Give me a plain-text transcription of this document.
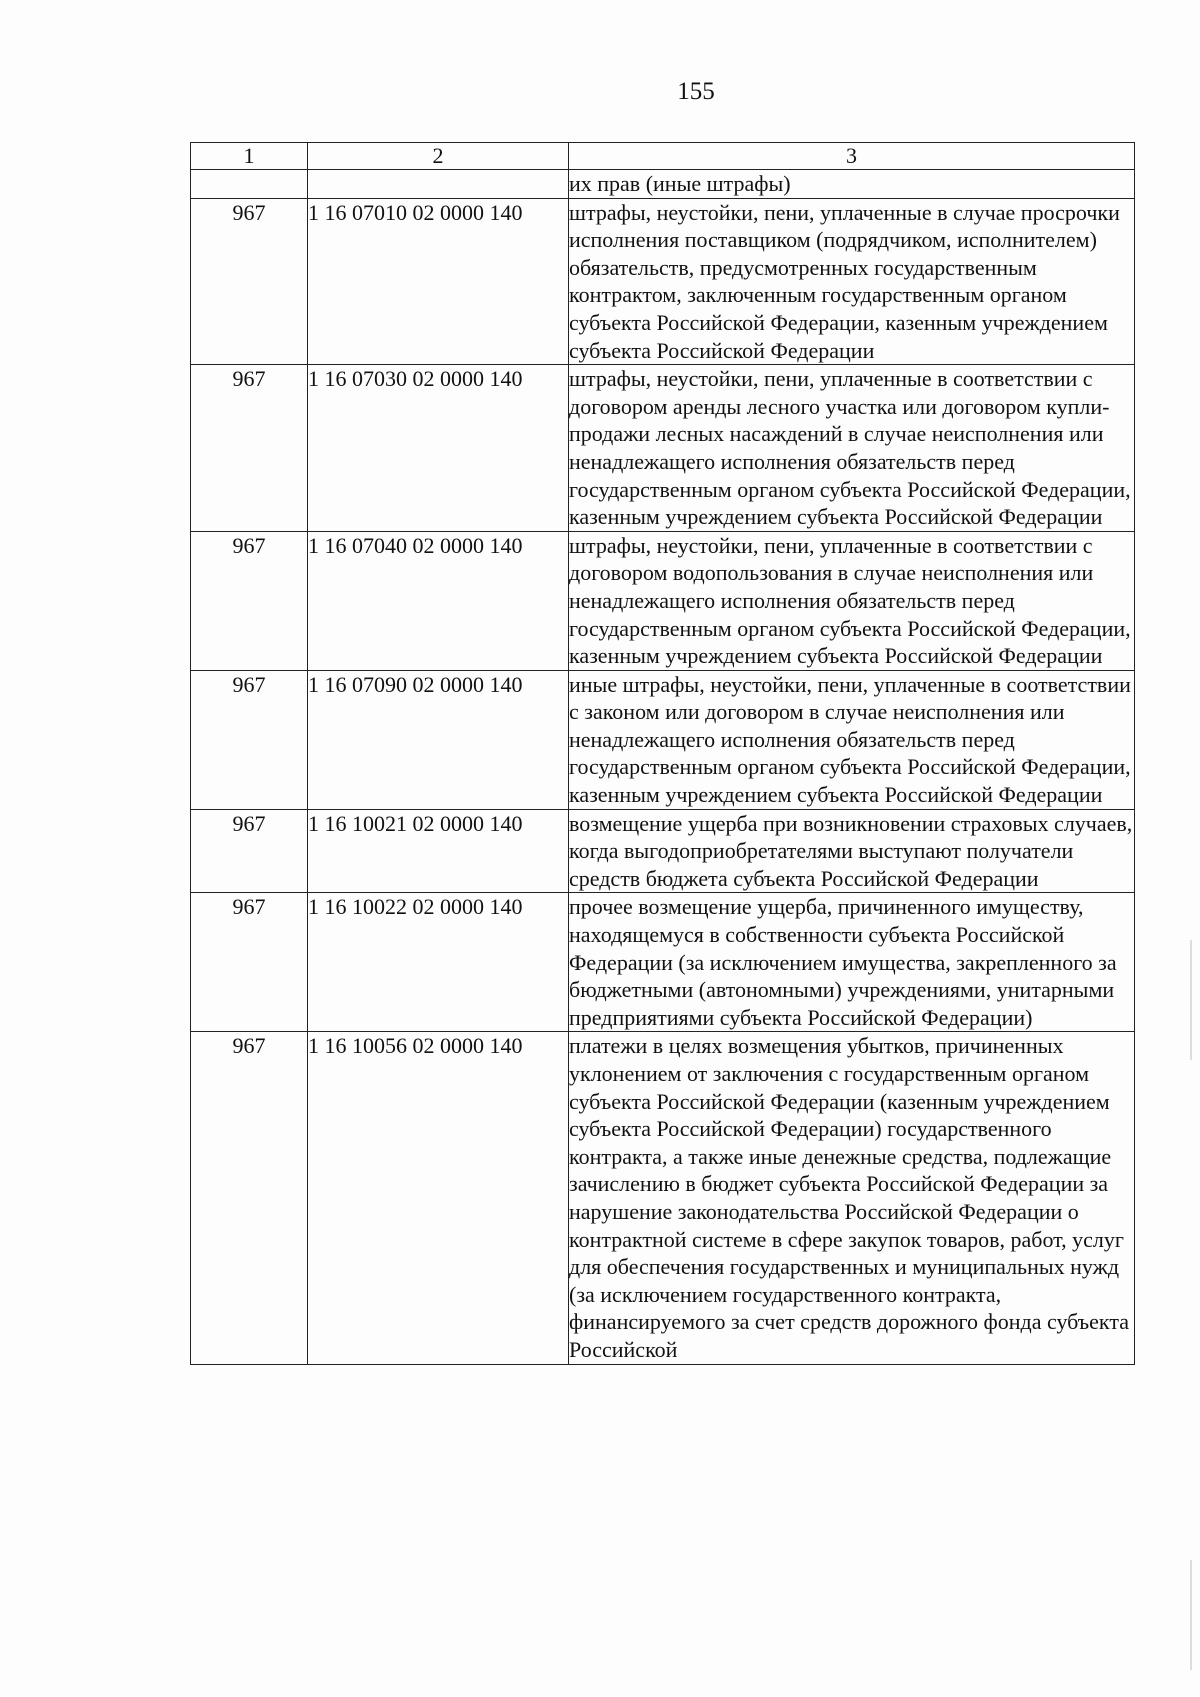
155
1	2	3
		их прав (иные штрафы)
967	1 16 07010 02 0000 140	штрафы, неустойки, пени, уплаченные в случае просрочки исполнения поставщиком (подрядчиком, исполнителем) обязательств, предусмотренных государственным контрактом, заключенным государственным органом субъекта Российской Федерации, казенным учреждением субъекта Российской Федерации
967	1 16 07030 02 0000 140	штрафы, неустойки, пени, уплаченные в соответствии с договором аренды лесного участка или договором купли-продажи лесных насаждений в случае неисполнения или ненадлежащего исполнения обязательств перед государственным органом субъекта Российской Федерации, казенным учреждением субъекта Российской Федерации
967	1 16 07040 02 0000 140	штрафы, неустойки, пени, уплаченные в соответствии с договором водопользования в случае неисполнения или ненадлежащего исполнения обязательств перед государственным органом субъекта Российской Федерации, казенным учреждением субъекта Российской Федерации
967	1 16 07090 02 0000 140	иные штрафы, неустойки, пени, уплаченные в соответствии с законом или договором в случае неисполнения или ненадлежащего исполнения обязательств перед государственным органом субъекта Российской Федерации, казенным учреждением субъекта Российской Федерации
967	1 16 10021 02 0000 140	возмещение ущерба при возникновении страховых случаев, когда выгодоприобретателями выступают получатели средств бюджета субъекта Российской Федерации
967	1 16 10022 02 0000 140	прочее возмещение ущерба, причиненного имуществу, находящемуся в собственности субъекта Российской Федерации (за исключением имущества, закрепленного за бюджетными (автономными) учреждениями, унитарными предприятиями субъекта Российской Федерации)
967	1 16 10056 02 0000 140	платежи в целях возмещения убытков, причиненных уклонением от заключения с государственным органом субъекта Российской Федерации (казенным учреждением субъекта Российской Федерации) государственного контракта, а также иные денежные средства, подлежащие зачислению в бюджет субъекта Российской Федерации за нарушение законодательства Российской Федерации о контрактной системе в сфере закупок товаров, работ, услуг для обеспечения государственных и муниципальных нужд (за исключением государственного контракта, финансируемого за счет средств дорожного фонда субъекта Российской
